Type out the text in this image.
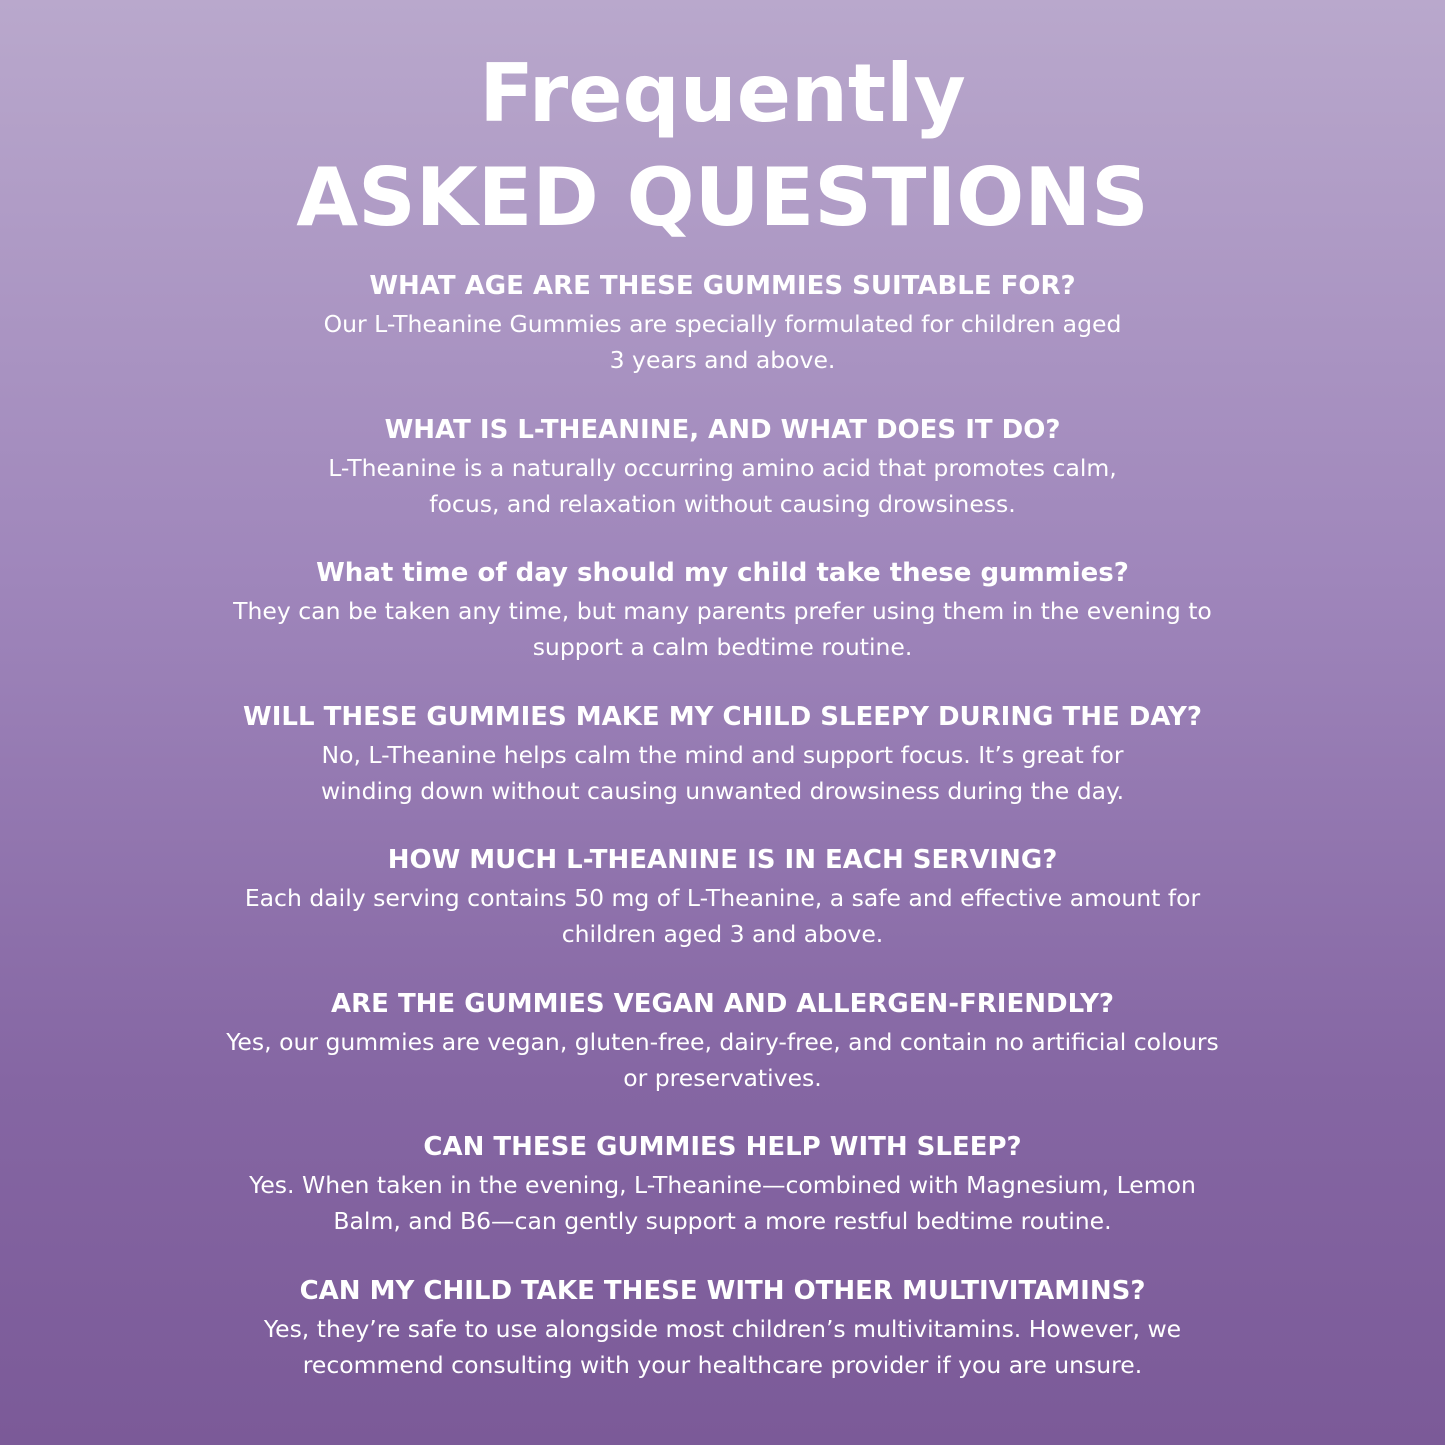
Frequently
ASKED QUESTIONS

WHAT AGE ARE THESE GUMMIES SUITABLE FOR?

Our L-Theanine Gummies are specially formulated for children aged
3 years and above.

WHAT IS L-THEANINE, AND WHAT DOES IT DO?

L-Theanine is a naturally occurring amino acid that promotes calm,
focus, and relaxation without causing drowsiness.

What time of day should my child take these gummies?

They can be taken any time, but many parents prefer using them in the evening to
support a calm bedtime routine.

WILL THESE GUMMIES MAKE MY CHILD SLEEPY DURING THE DAY?

No, L-Theanine helps calm the mind and support focus. It’s great for
winding down without causing unwanted drowsiness during the day.

HOW MUCH L-THEANINE IS IN EACH SERVING?

Each daily serving contains 50 mg of L-Theanine, a safe and effective amount for
children aged 3 and above.

ARE THE GUMMIES VEGAN AND ALLERGEN-FRIENDLY?

Yes, our gummies are vegan, gluten-free, dairy-free, and contain no artificial colours
or preservatives.

CAN THESE GUMMIES HELP WITH SLEEP?

Yes. When taken in the evening, L-Theanine—combined with Magnesium, Lemon
Balm, and B6—can gently support a more restful bedtime routine.

CAN MY CHILD TAKE THESE WITH OTHER MULTIVITAMINS?

Yes, they’re safe to use alongside most children’s multivitamins. However, we
recommend consulting with your healthcare provider if you are unsure.
